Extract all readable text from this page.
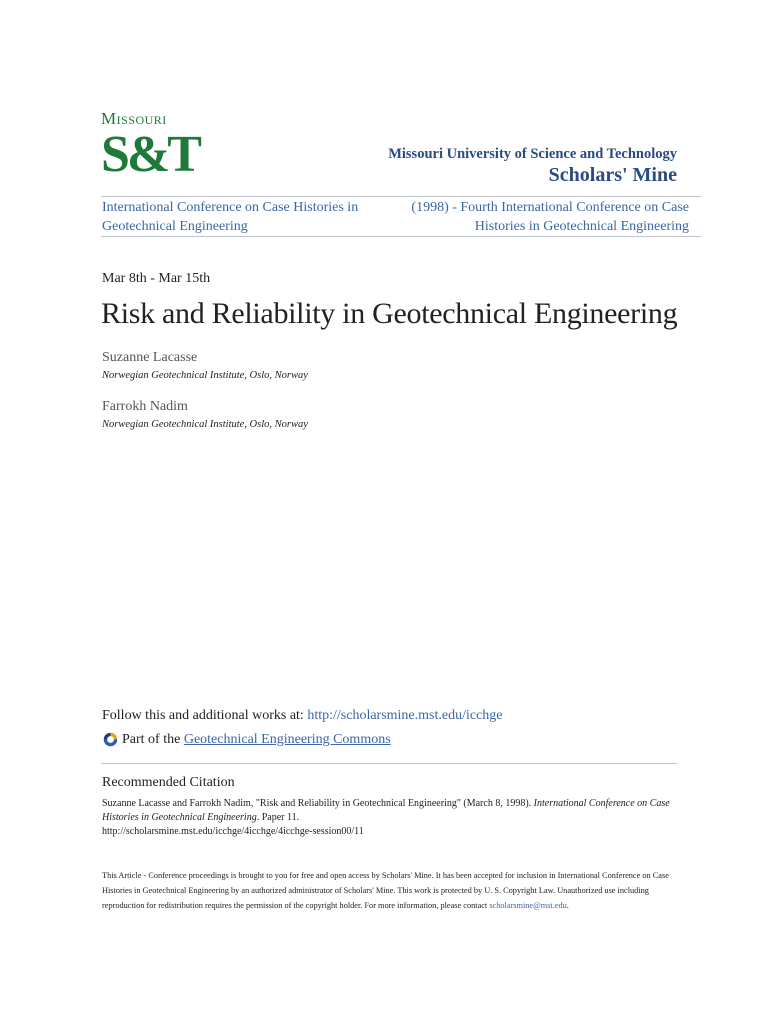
Missouri
S&T	Missouri University of Science and Technology
Scholars' Mine
International Conference on Case Histories in Geotechnical Engineering
(1998) - Fourth International Conference on Case Histories in Geotechnical Engineering
Mar 8th - Mar 15th
Risk and Reliability in Geotechnical Engineering
Suzanne Lacasse
Norwegian Geotechnical Institute, Oslo, Norway
Farrokh Nadim
Norwegian Geotechnical Institute, Oslo, Norway
Follow this and additional works at: http://scholarsmine.mst.edu/icchge
Part of the
Geotechnical Engineering Commons
Recommended Citation
Suzanne Lacasse and Farrokh Nadim, "Risk and Reliability in Geotechnical Engineering" (March 8, 1998). International Conference on Case Histories in Geotechnical Engineering. Paper 11.
http://scholarsmine.mst.edu/icchge/4icchge/4icchge-session00/11
This Article - Conference proceedings is brought to you for free and open access by Scholars' Mine. It has been accepted for inclusion in International Conference on Case Histories in Geotechnical Engineering by an authorized administrator of Scholars' Mine. This work is protected by U. S. Copyright Law. Unauthorized use including reproduction for redistribution requires the permission of the copyright holder. For more information, please contact scholarsmine@mst.edu.
